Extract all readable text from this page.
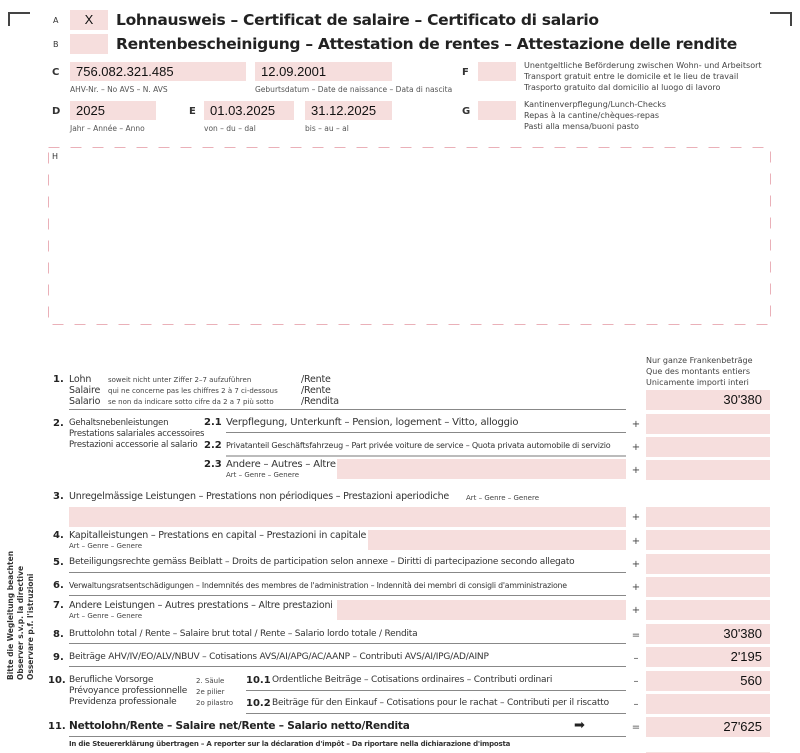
A	X	Lohnausweis – Certificat de salaire – Certificato di salario
B	Rentenbescheinigung – Attestation de rentes – Attestazione delle rendite
C	756.082.321.485
AHV-Nr. – No AVS – N. AVS
12.09.2001
Geburtsdatum – Date de naissance – Data di nascita
D	2025
Jahr – Année – Anno
E	01.03.2025
von – du – dal
31.12.2025
bis – au – al
F
Unentgeltliche Beförderung zwischen Wohn- und Arbeitsort
Transport gratuit entre le domicile et le lieu de travail
Trasporto gratuito dal domicilio al luogo di lavoro
G
Kantinenverpflegung/Lunch-Checks
Repas à la cantine/chèques-repas
Pasti alla mensa/buoni pasto
H
Bitte die Wegleitung beachten Observer s.v.p. la directive Osservare p.f. l'istruzioni
Nur ganze Frankenbeträge
Que des montants entiers
Unicamente importi interi
1. Lohn
Salaire
Salario
soweit nicht unter Ziffer 2–7 aufzuführen
qui ne concerne pas les chiffres 2 à 7 ci-dessous
se non da indicare sotto cifre da 2 a 7 più sotto
/Rente
/Rente
/Rendita	30'380
2. Gehaltsnebenleistungen
Prestations salariales accessoires
Prestazioni accessorie al salario
2.1 Verpflegung, Unterkunft – Pension, logement – Vitto, alloggio	+
2.2 Privatanteil Geschäftsfahrzeug – Part privée voiture de service – Quota privata automobile di servizio +
2.3 Andere – Autres – Altre
Art – Genre – Genere	+
3. Unregelmässige Leistungen – Prestations non périodiques – Prestazioni aperiodiche Art – Genre – Genere
+
4. Kapitalleistungen – Prestations en capital – Prestazioni in capitale
Art – Genre – Genere	+
5. Beteiligungsrechte gemäss Beiblatt – Droits de participation selon annexe – Diritti di partecipazione secondo allegato	+
6. Verwaltungsratsentschädigungen – Indemnités des membres de l'administration – Indennità dei membri di consigli d'amministrazione	+
7. Andere Leistungen – Autres prestations – Altre prestazioni
Art – Genre – Genere	+
8. Bruttolohn total / Rente – Salaire brut total / Rente – Salario lordo totale / Rendita	=	30'380
9. Beiträge AHV/IV/EO/ALV/NBUV – Cotisations AVS/AI/APG/AC/AANP – Contributi AVS/AI/IPG/AD/AINP	–	2'195
10. Berufliche Vorsorge
Prévoyance professionnelle
Previdenza professionale
2. Säule
2e pilier
2o pilastro
10.1 Ordentliche Beiträge – Cotisations ordinaires – Contributi ordinari	–	560
10.2 Beiträge für den Einkauf – Cotisations pour le rachat – Contributi per il riscatto	–
11. Nettolohn/Rente – Salaire net/Rente – Salario netto/Rendita	➡	=	27'625
In die Steuererklärung übertragen – A reporter sur la déclaration d'impôt – Da riportare nella dichiarazione d'imposta
